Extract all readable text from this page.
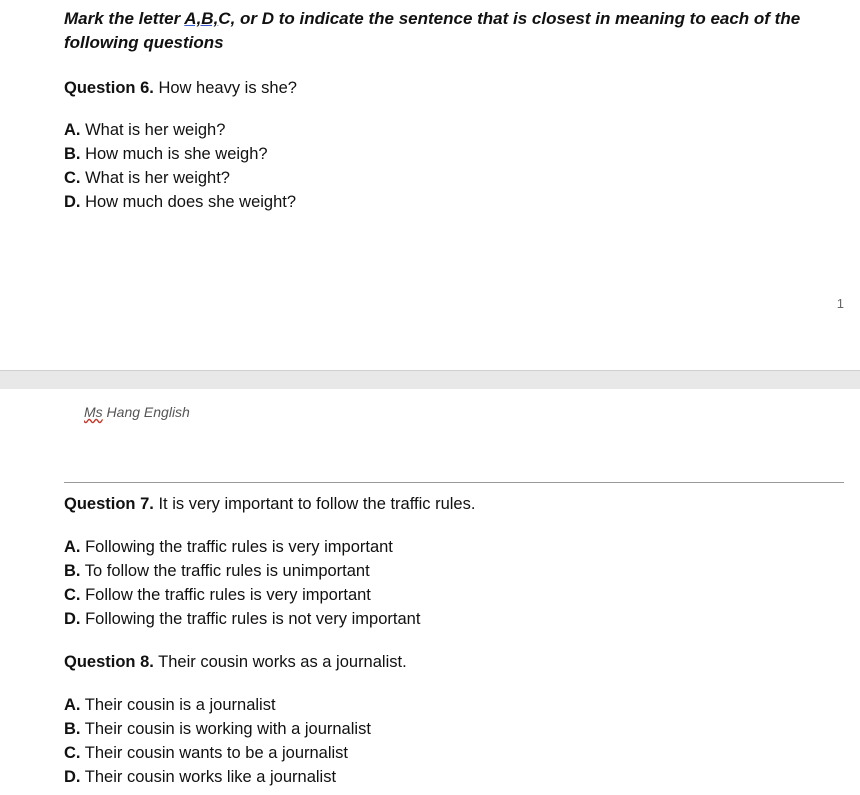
Mark the letter A,B,C, or D to indicate the sentence that is closest in meaning to each of the following questions
Question 6. How heavy is she?
A. What is her weigh?
B. How much is she weigh?
C. What is her weight?
D. How much does she weight?
1
Ms Hang English
Question 7. It is very important to follow the traffic rules.
A. Following the traffic rules is very important
B. To follow the traffic rules is unimportant
C. Follow the traffic rules is very important
D. Following the traffic rules is not very important
Question 8. Their cousin works as a journalist.
A. Their cousin is a journalist
B. Their cousin is working with a journalist
C. Their cousin wants to be a journalist
D. Their cousin works like a journalist
